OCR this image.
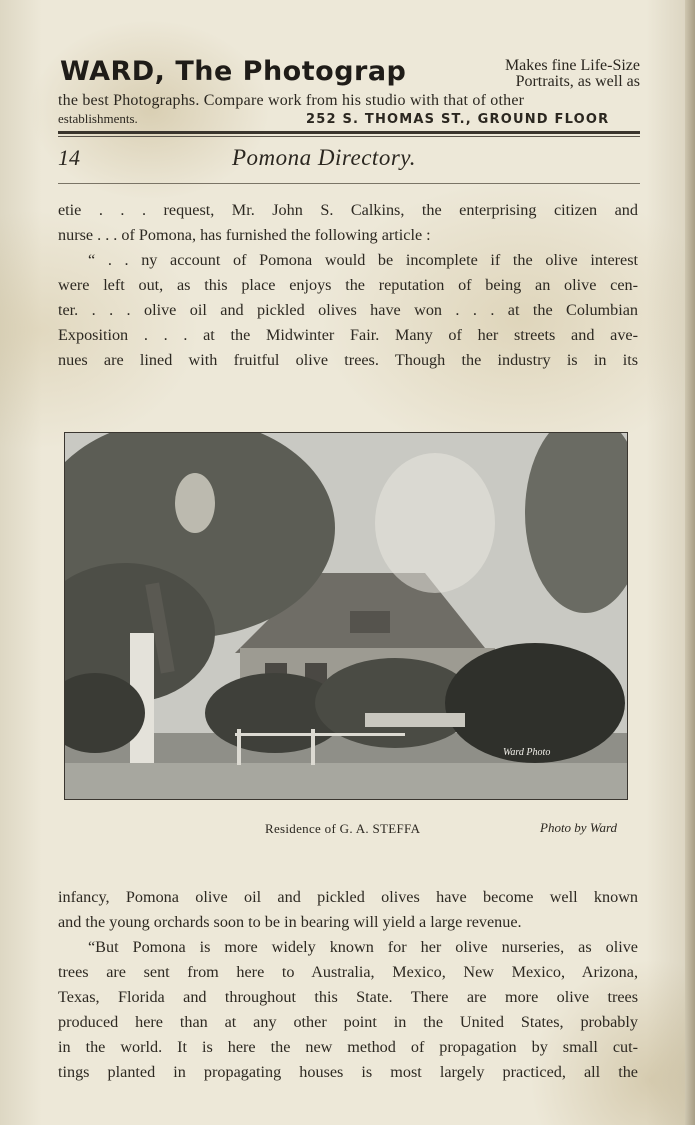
WARD, The Photograp	Makes fine Life-Size
Portraits, as well as
the best Photographs. Compare work from his studio with that of other
establishments.	252 S. THOMAS ST., GROUND FLOOR
14	Pomona Directory.
etie . . . request, Mr. John S. Calkins, the enterprising citizen and
nurse . . . of Pomona, has furnished the following article :
“ . . ny account of Pomona would be incomplete if the olive interest
were left out, as this place enjoys the reputation of being an olive cen-
ter. . . . olive oil and pickled olives have won . . . at the Columbian
Exposition . . . at the Midwinter Fair. Many of her streets and ave-
nues are lined with fruitful olive trees. Though the industry is in its
Ward Photo
Residence of G. A. STEFFA	Photo by Ward
infancy, Pomona olive oil and pickled olives have become well known
and the young orchards soon to be in bearing will yield a large revenue.
“But Pomona is more widely known for her olive nurseries, as olive
trees are sent from here to Australia, Mexico, New Mexico, Arizona,
Texas, Florida and throughout this State. There are more olive trees
produced here than at any other point in the United States, probably
in the world. It is here the new method of propagation by small cut-
tings planted in propagating houses is most largely practiced, all the
